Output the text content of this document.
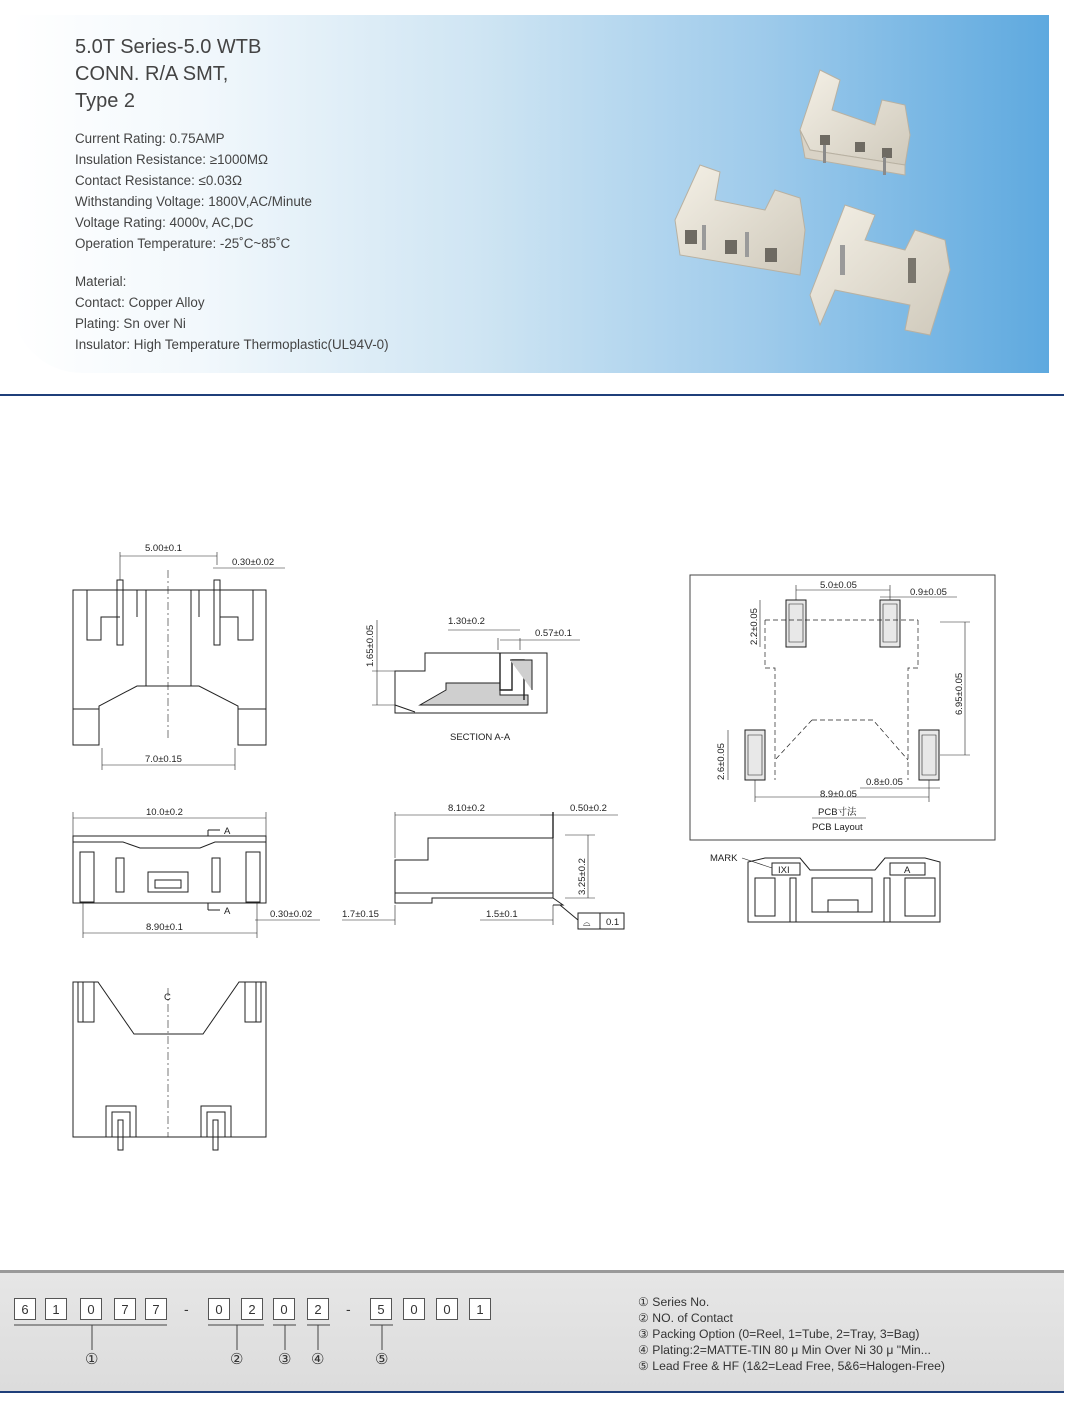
5.0T Series-5.0 WTB
CONN. R/A SMT,
Type 2
Current Rating: 0.75AMP
Insulation Resistance: ≥1000MΩ
Contact Resistance: ≤0.03Ω
Withstanding Voltage: 1800V,AC/Minute
Voltage Rating: 4000v, AC,DC
Operation Temperature: -25˚C~85˚C
Material:
Contact: Copper Alloy
Plating: Sn over Ni
Insulator: High Temperature Thermoplastic(UL94V-0)
5.00±0.1
0.30±0.02
7.0±0.15
1.65±0.05
1.30±0.2
0.57±0.1
SECTION A-A
10.0±0.2
A
A
8.90±0.1
0.30±0.02
8.10±0.2	0.50±0.2
3.25±0.2
1.7±0.15	1.5±0.1
⌓ 0.1
5.0±0.05
0.9±0.05
2.2±0.05
6.95±0.05
2.6±0.05
0.8±0.05
8.9±0.05
PCB寸法
PCB Layout
MARK
IXI	A
C
6	1	0	7	7	-	0	2	0	2	-	5	0	0	1
①	② ③ ④	⑤
① Series No.
② NO. of Contact
③ Packing Option (0=Reel, 1=Tube, 2=Tray, 3=Bag)
④ Plating:2=MATTE-TIN 80 μ Min Over Ni 30 μ "Min...
⑤ Lead Free & HF (1&2=Lead Free, 5&6=Halogen-Free)
